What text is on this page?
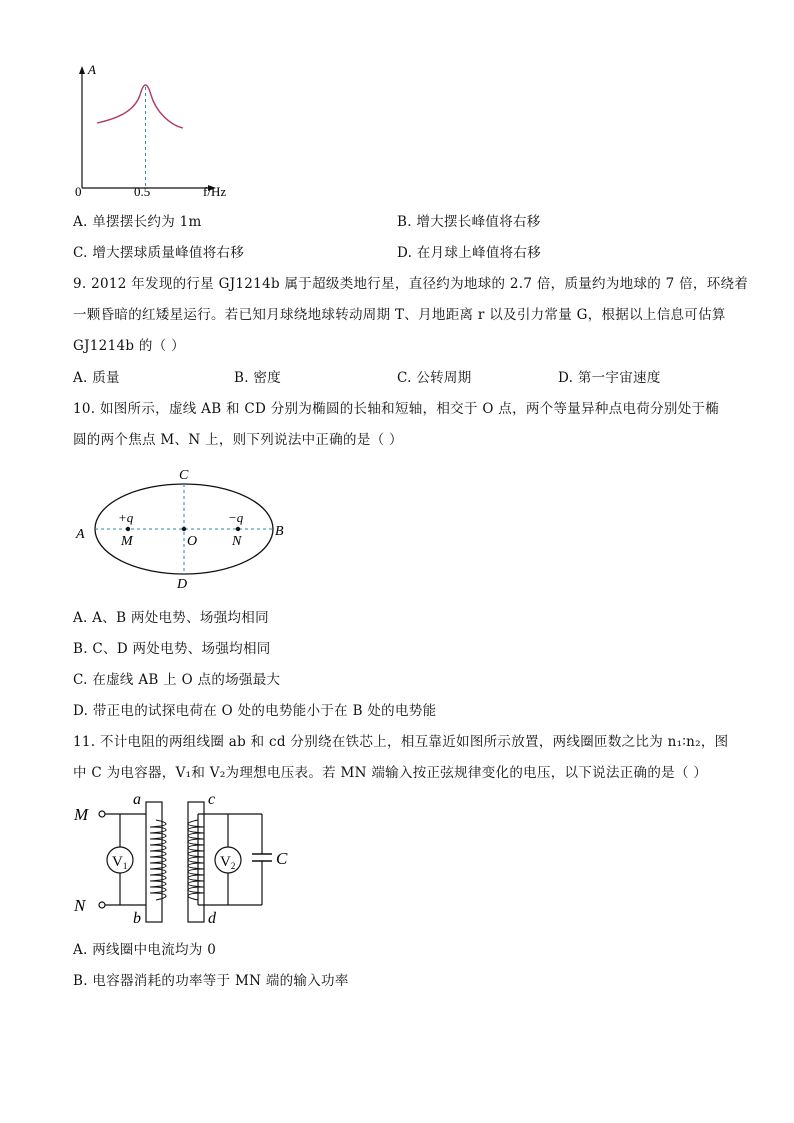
A
0	0.5	f/Hz
A. 单摆摆长约为 1m	B. 增大摆长峰值将右移
C. 增大摆球质量峰值将右移	D. 在月球上峰值将右移
9. 2012 年发现的行星 GJ1214b 属于超级类地行星，直径约为地球的 2.7 倍，质量约为地球的 7 倍，环绕着
一颗昏暗的红矮星运行。若已知月球绕地球转动周期 T、月地距离 r 以及引力常量 G，根据以上信息可估算
GJ1214b 的（ ）
A. 质量	B. 密度	C. 公转周期	D. 第一宇宙速度
10. 如图所示，虚线 AB 和 CD 分别为椭圆的长轴和短轴，相交于 O 点，两个等量异种点电荷分别处于椭
圆的两个焦点 M、N 上，则下列说法中正确的是（ ）
C
D
A	B
O
M	N
+q	−q
A. A、B 两处电势、场强均相同
B. C、D 两处电势、场强均相同
C. 在虚线 AB 上 O 点的场强最大
D. 带正电的试探电荷在 O 处的电势能小于在 B 处的电势能
11. 不计电阻的两组线圈 ab 和 cd 分别绕在铁芯上，相互靠近如图所示放置，两线圈匝数之比为 n₁∶n₂，图
中 C 为电容器，V₁和 V₂为理想电压表。若 MN 端输入按正弦规律变化的电压，以下说法正确的是（ ）
M
N
$V_1$
a
b
c
d
C
$V_2$
A. 两线圈中电流均为 0
B. 电容器消耗的功率等于 MN 端的输入功率
